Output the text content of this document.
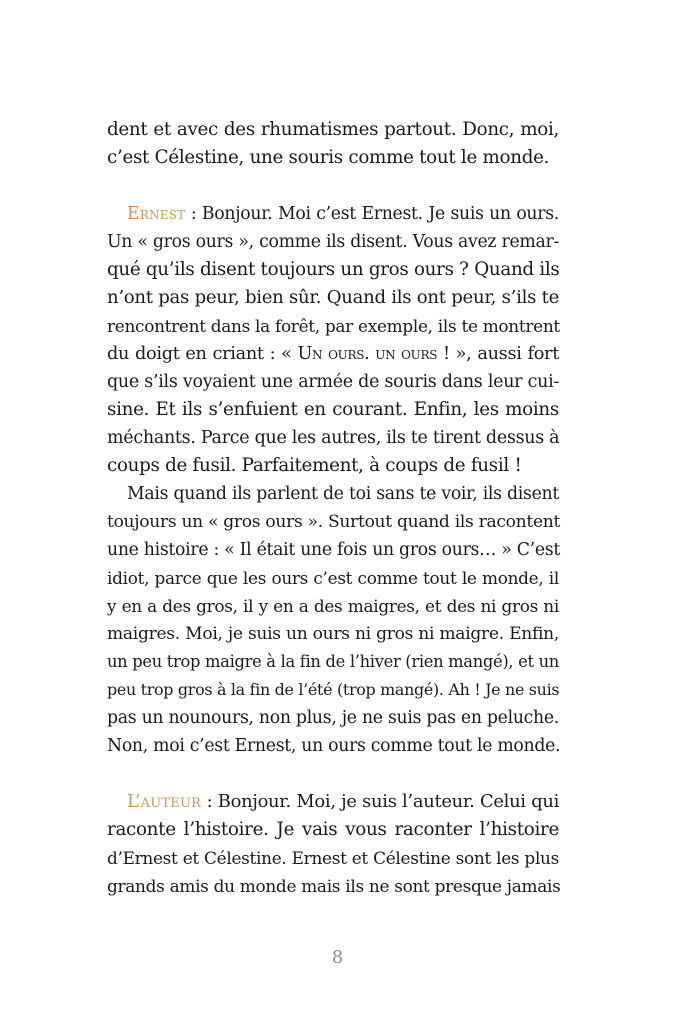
dent et avec des rhumatismes partout. Donc, moi,
c’est Célestine, une souris comme tout le monde.
Ernest : Bonjour. Moi c’est Ernest. Je suis un ours.
Un « gros ours », comme ils disent. Vous avez remar-
qué qu’ils disent toujours un gros ours ? Quand ils
n’ont pas peur, bien sûr. Quand ils ont peur, s’ils te
rencontrent dans la forêt, par exemple, ils te montrent
du doigt en criant : « Un ours. un ours ! », aussi fort
que s’ils voyaient une armée de souris dans leur cui-
sine. Et ils s’enfuient en courant. Enfin, les moins
méchants. Parce que les autres, ils te tirent dessus à
coups de fusil. Parfaitement, à coups de fusil !
Mais quand ils parlent de toi sans te voir, ils disent
toujours un « gros ours ». Surtout quand ils racontent
une histoire : « Il était une fois un gros ours… » C’est
idiot, parce que les ours c’est comme tout le monde, il
y en a des gros, il y en a des maigres, et des ni gros ni
maigres. Moi, je suis un ours ni gros ni maigre. Enfin,
un peu trop maigre à la fin de l’hiver (rien mangé), et un
peu trop gros à la fin de l’été (trop mangé). Ah ! Je ne suis
pas un nounours, non plus, je ne suis pas en peluche.
Non, moi c’est Ernest, un ours comme tout le monde.
L’auteur : Bonjour. Moi, je suis l’auteur. Celui qui
raconte l’histoire. Je vais vous raconter l’histoire
d’Ernest et Célestine. Ernest et Célestine sont les plus
grands amis du monde mais ils ne sont presque jamais
8
